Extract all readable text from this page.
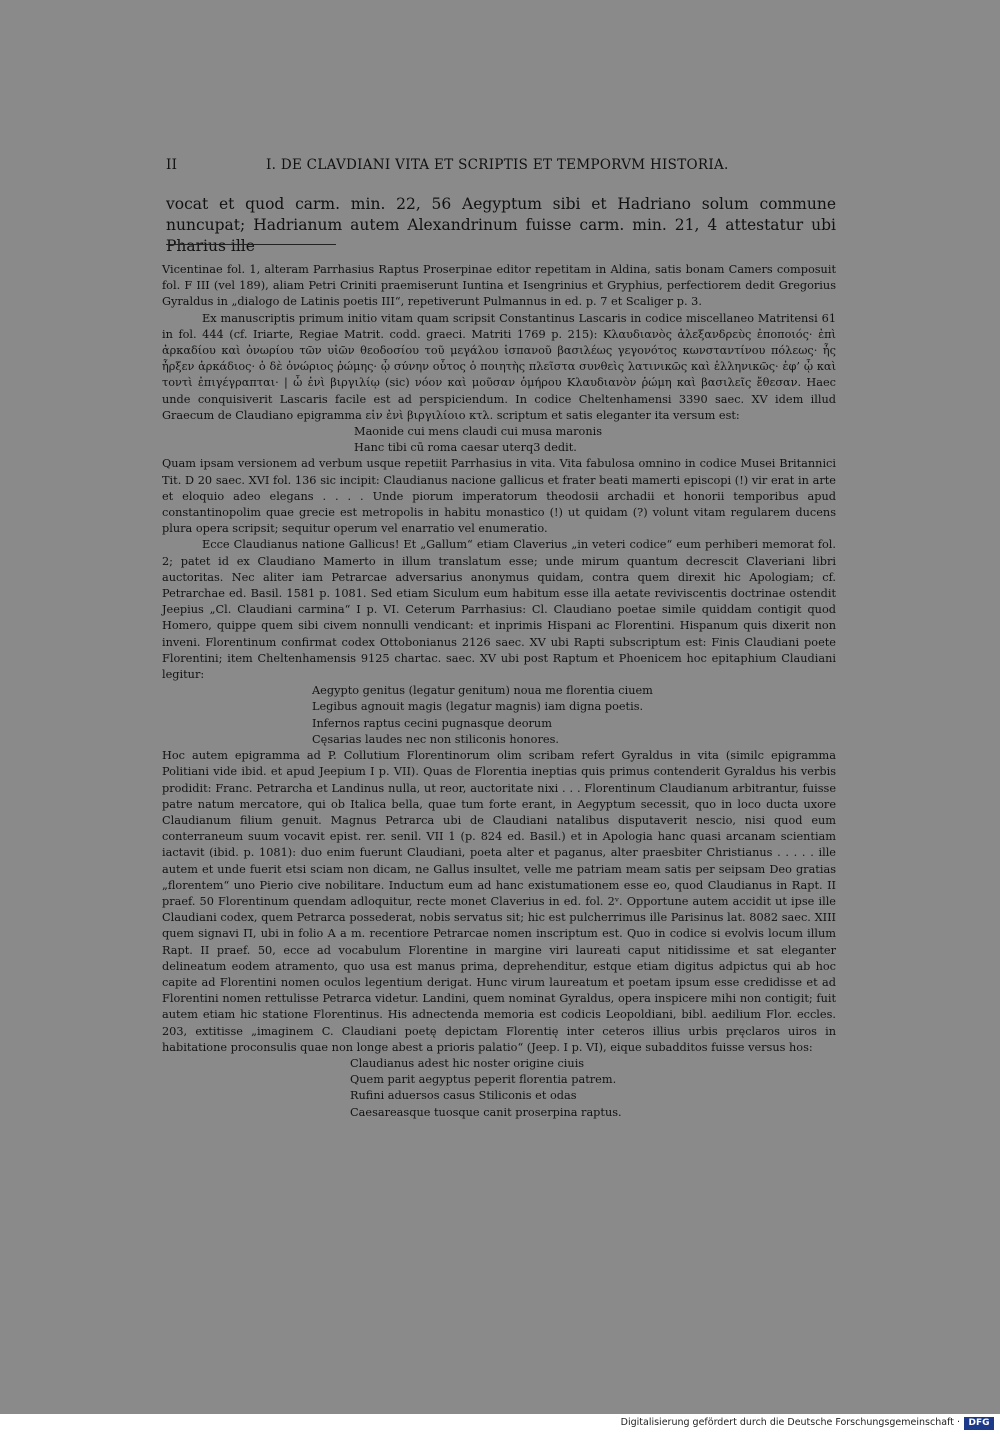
II	I. DE CLAVDIANI VITA ET SCRIPTIS ET TEMPORVM HISTORIA.
vocat et quod carm. min. 22, 56 Aegyptum sibi et Hadriano solum commune nuncupat; Hadrianum autem Alexandrinum fuisse carm. min. 21, 4 attestatur ubi Pharius ille

Vicentinae fol. 1, alteram Parrhasius Raptus Proserpinae editor repetitam in Aldina, satis bonam Camers composuit fol. F III (vel 189), aliam Petri Criniti praemiserunt Iuntina et Isengrinius et Gryphius, perfectiorem dedit Gregorius Gyraldus in „dialogo de Latinis poetis III“, repetiverunt Pulmannus in ed. p. 7 et Scaliger p. 3.

Ex manuscriptis primum initio vitam quam scripsit Constantinus Lascaris in codice miscellaneo Matritensi 61 in fol. 444 (cf. Iriarte, Regiae Matrit. codd. graeci. Matriti 1769 p. 215): Κλαυδιανὸς ἀλεξανδρεὺς ἐποποιός· ἐπὶ ἀρκαδίου καὶ ὀνωρίου τῶν υἱῶν θεοδοσίου τοῦ μεγάλου ἱσπανοῦ βασιλέως γεγονότος κωνσταντίνου πόλεως· ἧς ἦρξεν ἀρκάδιος· ὁ δὲ ὀνώριος ῥώμης· ᾧ σύνην οὗτος ὁ ποιητὴς πλεῖστα συνθεὶς λατινικῶς καὶ ἑλληνικῶς· ἐφ’ ᾧ καὶ τοντὶ ἐπιγέγραπται· | ὦ ἐνὶ βιργιλίῳ (sic) νόον καὶ μοῦσαν ὁμήρου Κλαυδιανὸν ῥώμη καὶ βασιλεῖς ἔθεσαν. Haec unde conquisiverit Lascaris facile est ad perspiciendum. In codice Cheltenhamensi 3390 saec. XV idem illud Graecum de Claudiano epigramma εἰν ἐνὶ βιργιλίοιο κτλ. scriptum et satis eleganter ita versum est:

Maonide cui mens claudi cui musa maronis

Hanc tibi cū roma caesar uterq3 dedit.

Quam ipsam versionem ad verbum usque repetiit Parrhasius in vita. Vita fabulosa omnino in codice Musei Britannici Tit. D 20 saec. XVI fol. 136 sic incipit: Claudianus nacione gallicus et frater beati mamerti episcopi (!) vir erat in arte et eloquio adeo elegans . . . . Unde piorum imperatorum theodosii archadii et honorii temporibus apud constantinopolim quae grecie est metropolis in habitu monastico (!) ut quidam (?) volunt vitam regularem ducens plura opera scripsit; sequitur operum vel enarratio vel enumeratio.

Ecce Claudianus natione Gallicus! Et „Gallum“ etiam Claverius „in veteri codice“ eum perhiberi memorat fol. 2; patet id ex Claudiano Mamerto in illum translatum esse; unde mirum quantum decrescit Claveriani libri auctoritas. Nec aliter iam Petrarcae adversarius anonymus quidam, contra quem direxit hic Apologiam; cf. Petrarchae ed. Basil. 1581 p. 1081. Sed etiam Siculum eum habitum esse illa aetate reviviscentis doctrinae ostendit Jeepius „Cl. Claudiani carmina“ I p. VI. Ceterum Parrhasius: Cl. Claudiano poetae simile quiddam contigit quod Homero, quippe quem sibi civem nonnulli vendicant: et inprimis Hispani ac Florentini. Hispanum quis dixerit non inveni. Florentinum confirmat codex Ottobonianus 2126 saec. XV ubi Rapti subscriptum est: Finis Claudiani poete Florentini; item Cheltenhamensis 9125 chartac. saec. XV ubi post Raptum et Phoenicem hoc epitaphium Claudiani legitur:

Aegypto genitus (legatur genitum) noua me florentia ciuem

Legibus agnouit magis (legatur magnis) iam digna poetis.

Infernos raptus cecini pugnasque deorum

Cęsarias laudes nec non stiliconis honores.

Hoc autem epigramma ad P. Collutium Florentinorum olim scribam refert Gyraldus in vita (similc epigramma Politiani vide ibid. et apud Jeepium I p. VII). Quas de Florentia ineptias quis primus contenderit Gyraldus his verbis prodidit: Franc. Petrarcha et Landinus nulla, ut reor, auctoritate nixi . . . Florentinum Claudianum arbitrantur, fuisse patre natum mercatore, qui ob Italica bella, quae tum forte erant, in Aegyptum secessit, quo in loco ducta uxore Claudianum filium genuit. Magnus Petrarca ubi de Claudiani natalibus disputaverit nescio, nisi quod eum conterraneum suum vocavit epist. rer. senil. VII 1 (p. 824 ed. Basil.) et in Apologia hanc quasi arcanam scientiam iactavit (ibid. p. 1081): duo enim fuerunt Claudiani, poeta alter et paganus, alter praesbiter Christianus . . . . . ille autem et unde fuerit etsi sciam non dicam, ne Gallus insultet, velle me patriam meam satis per seipsam Deo gratias „florentem“ uno Pierio cive nobilitare. Inductum eum ad hanc existumationem esse eo, quod Claudianus in Rapt. II praef. 50 Florentinum quendam adloquitur, recte monet Claverius in ed. fol. 2ᵛ. Opportune autem accidit ut ipse ille Claudiani codex, quem Petrarca possederat, nobis servatus sit; hic est pulcherrimus ille Parisinus lat. 8082 saec. XIII quem signavi Π, ubi in folio A a m. recentiore Petrarcae nomen inscriptum est. Quo in codice si evolvis locum illum Rapt. II praef. 50, ecce ad vocabulum Florentine in margine viri laureati caput nitidissime et sat eleganter delineatum eodem atramento, quo usa est manus prima, deprehenditur, estque etiam digitus adpictus qui ab hoc capite ad Florentini nomen oculos legentium derigat. Hunc virum laureatum et poetam ipsum esse credidisse et ad Florentini nomen rettulisse Petrarca videtur. Landini, quem nominat Gyraldus, opera inspicere mihi non contigit; fuit autem etiam hic statione Florentinus. His adnectenda memoria est codicis Leopoldiani, bibl. aedilium Flor. eccles. 203, extitisse „imaginem C. Claudiani poetę depictam Florentię inter ceteros illius urbis pręclaros uiros in habitatione proconsulis quae non longe abest a prioris palatio“ (Jeep. I p. VI), eique subadditos fuisse versus hos:

Claudianus adest hic noster origine ciuis

Quem parit aegyptus peperit florentia patrem.

Rufini aduersos casus Stiliconis et odas

Caesareasque tuosque canit proserpina raptus.

Digitalisierung gefördert durch die Deutsche Forschungsgemeinschaft · DFG
